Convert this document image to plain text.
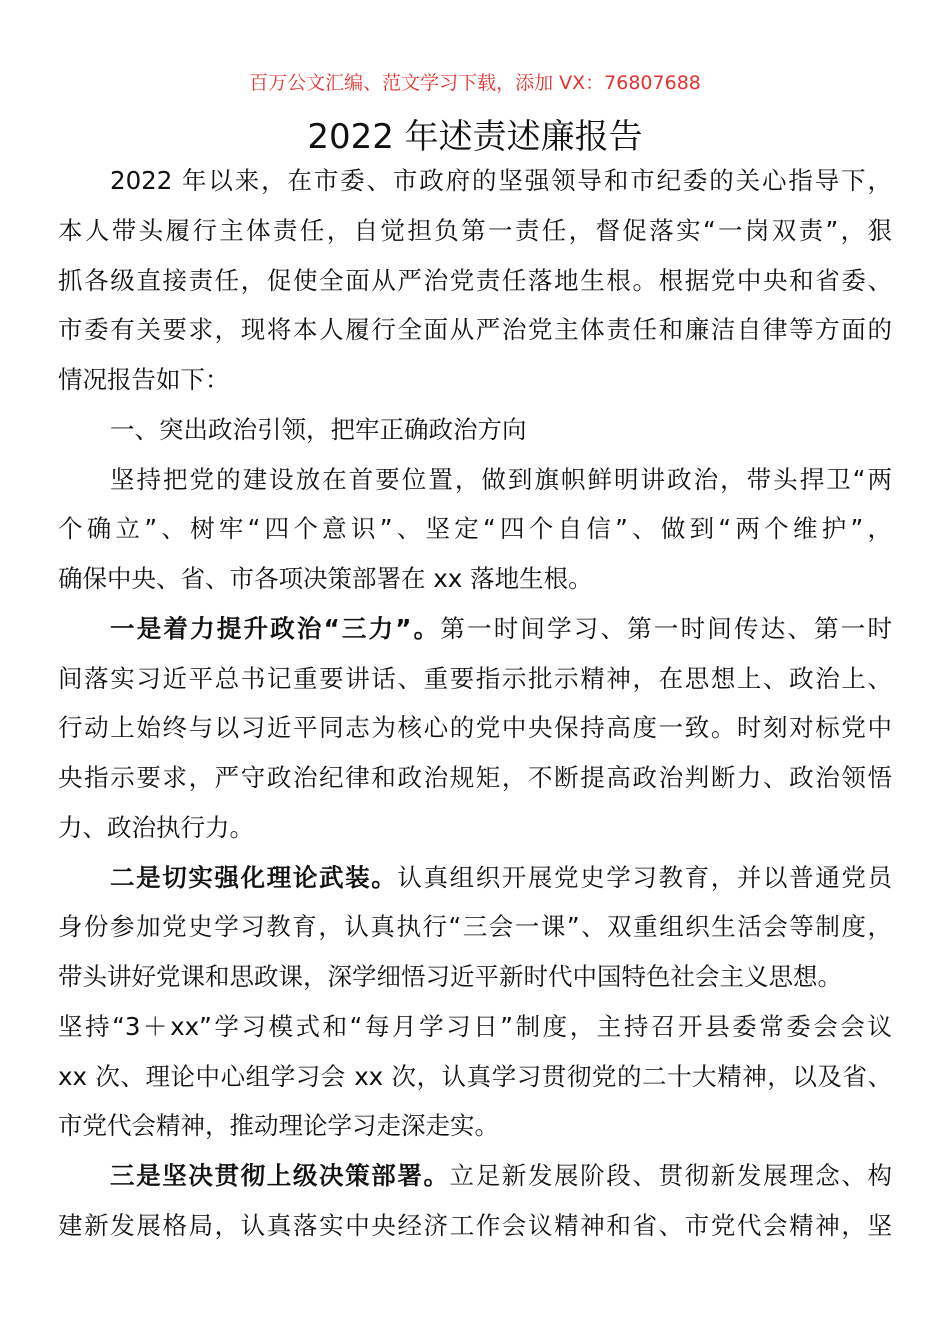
百万公文汇编、范文学习下载，添加 VX：76807688
2022 年述责述廉报告
2022 年以来，在市委、市政府的坚强领导和市纪委的关心指导下，
本人带头履行主体责任，自觉担负第一责任，督促落实“一岗双责”，狠
抓各级直接责任，促使全面从严治党责任落地生根。根据党中央和省委、
市委有关要求，现将本人履行全面从严治党主体责任和廉洁自律等方面的
情况报告如下：
一、突出政治引领，把牢正确政治方向
坚持把党的建设放在首要位置，做到旗帜鲜明讲政治，带头捍卫“两
个确立”、树牢“四个意识”、坚定“四个自信”、做到“两个维护”，
确保中央、省、市各项决策部署在 xx 落地生根。
一是着力提升政治“三力”。第一时间学习、第一时间传达、第一时
间落实习近平总书记重要讲话、重要指示批示精神，在思想上、政治上、
行动上始终与以习近平同志为核心的党中央保持高度一致。时刻对标党中
央指示要求，严守政治纪律和政治规矩，不断提高政治判断力、政治领悟
力、政治执行力。
二是切实强化理论武装。认真组织开展党史学习教育，并以普通党员
身份参加党史学习教育，认真执行“三会一课”、双重组织生活会等制度，
带头讲好党课和思政课，深学细悟习近平新时代中国特色社会主义思想。
坚持“3＋xx”学习模式和“每月学习日”制度，主持召开县委常委会会议
xx 次、理论中心组学习会 xx 次，认真学习贯彻党的二十大精神，以及省、
市党代会精神，推动理论学习走深走实。
三是坚决贯彻上级决策部署。立足新发展阶段、贯彻新发展理念、构
建新发展格局，认真落实中央经济工作会议精神和省、市党代会精神，坚
